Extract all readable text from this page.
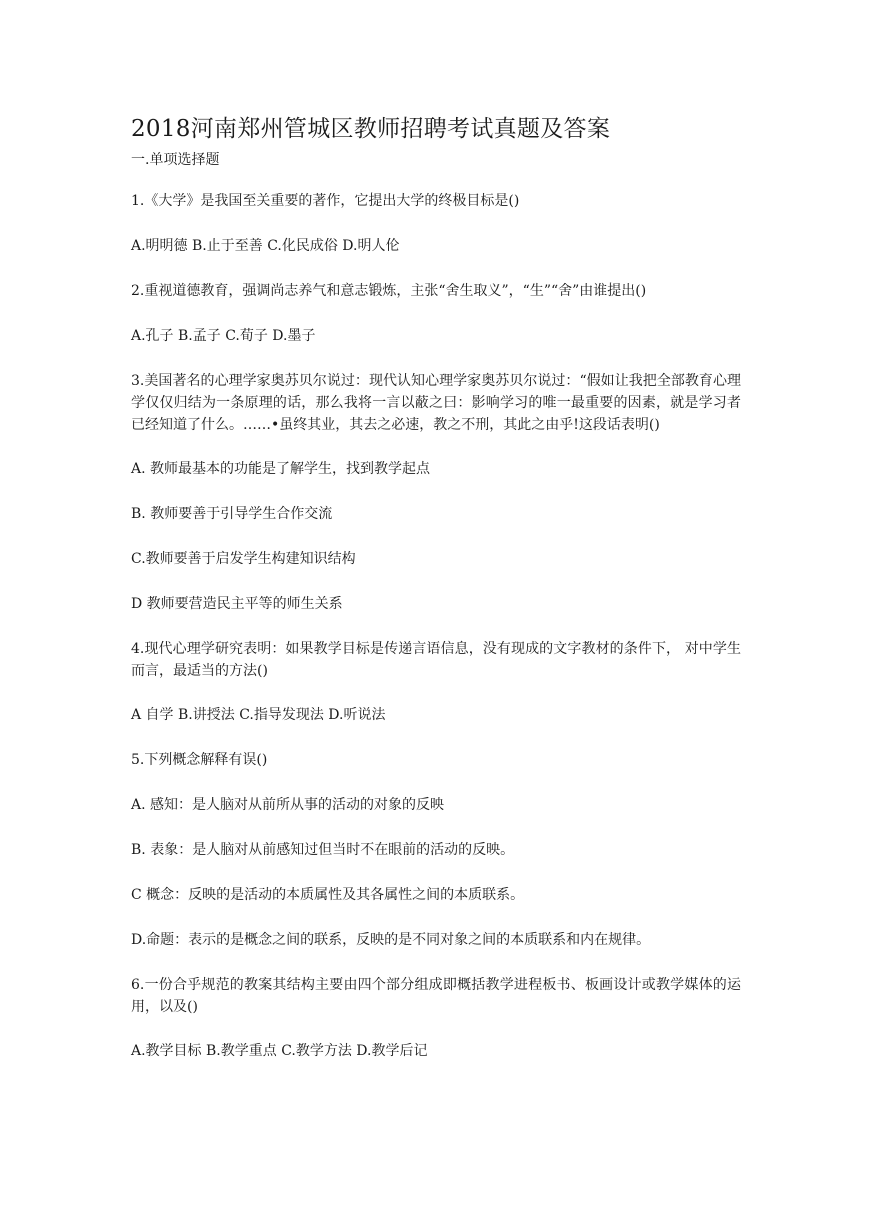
2018河南郑州管城区教师招聘考试真题及答案
一.单项选择题

1.《大学》是我国至关重要的著作，它提出大学的终极目标是()

A.明明德 B.止于至善 C.化民成俗 D.明人伦

2.重视道德教育，强调尚志养气和意志锻炼，主张“舍生取义”，“生”“舍”由谁提出()

A.孔子 B.孟子 C.荀子 D.墨子

3.美国著名的心理学家奥苏贝尔说过：现代认知心理学家奥苏贝尔说过：“假如让我把全部教育心理学仅仅归结为一条原理的话，那么我将一言以蔽之曰：影响学习的唯一最重要的因素，就是学习者已经知道了什么。……•虽终其业，其去之必速，教之不刑，其此之由乎!这段话表明()

A. 教师最基本的功能是了解学生，找到教学起点

B. 教师要善于引导学生合作交流

C.教师要善于启发学生构建知识结构

D 教师要营造民主平等的师生关系

4.现代心理学研究表明：如果教学目标是传递言语信息，没有现成的文字教材的条件下， 对中学生而言，最适当的方法()

A 自学 B.讲授法 C.指导发现法 D.听说法

5.下列概念解释有误()

A. 感知：是人脑对从前所从事的活动的对象的反映

B. 表象：是人脑对从前感知过但当时不在眼前的活动的反映。

C 概念：反映的是活动的本质属性及其各属性之间的本质联系。

D.命题：表示的是概念之间的联系，反映的是不同对象之间的本质联系和内在规律。

6.一份合乎规范的教案其结构主要由四个部分组成即概括教学进程板书、板画设计或教学媒体的运用，以及()

A.教学目标 B.教学重点 C.教学方法 D.教学后记
